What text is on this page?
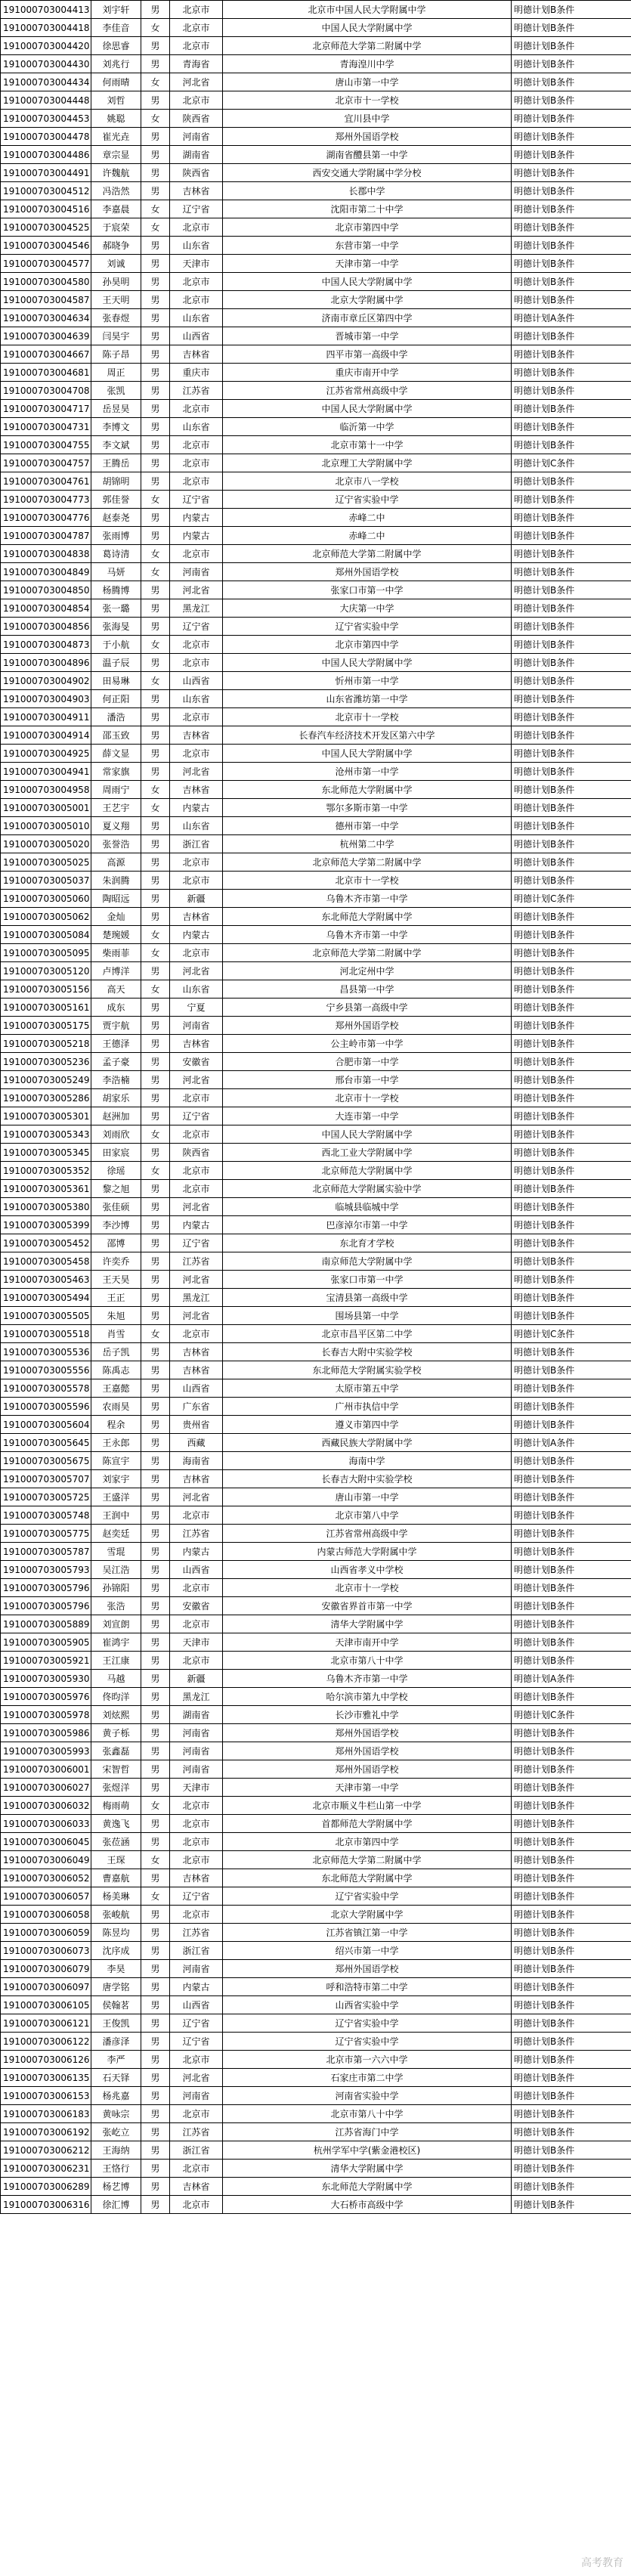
191000703004413	刘宇轩	男	北京市	北京市中国人民大学附属中学	明德计划B条件
191000703004418	李佳音	女	北京市	中国人民大学附属中学	明德计划B条件
191000703004420	徐思睿	男	北京市	北京师范大学第二附属中学	明德计划B条件
191000703004430	刘兆行	男	青海省	青海湟川中学	明德计划B条件
191000703004434	何雨晴	女	河北省	唐山市第一中学	明德计划B条件
191000703004448	刘哲	男	北京市	北京市十一学校	明德计划B条件
191000703004453	姚聪	女	陕西省	宜川县中学	明德计划B条件
191000703004478	崔光垚	男	河南省	郑州外国语学校	明德计划B条件
191000703004486	章宗显	男	湖南省	湖南省醴县第一中学	明德计划B条件
191000703004491	许魏航	男	陕西省	西安交通大学附属中学分校	明德计划B条件
191000703004512	冯浩然	男	吉林省	长郡中学	明德计划B条件
191000703004516	李嘉晨	女	辽宁省	沈阳市第二十中学	明德计划B条件
191000703004525	于宸荣	女	北京市	北京市第四中学	明德计划B条件
191000703004546	郝晓争	男	山东省	东营市第一中学	明德计划B条件
191000703004577	刘诚	男	天津市	天津市第一中学	明德计划B条件
191000703004580	孙昊明	男	北京市	中国人民大学附属中学	明德计划B条件
191000703004587	王天明	男	北京市	北京大学附属中学	明德计划B条件
191000703004634	张春煜	男	山东省	济南市章丘区第四中学	明德计划A条件
191000703004639	闫昊宇	男	山西省	晋城市第一中学	明德计划B条件
191000703004667	陈子昂	男	吉林省	四平市第一高级中学	明德计划B条件
191000703004681	周正	男	重庆市	重庆市南开中学	明德计划B条件
191000703004708	张凯	男	江苏省	江苏省常州高级中学	明德计划B条件
191000703004717	岳昱昊	男	北京市	中国人民大学附属中学	明德计划B条件
191000703004731	李博文	男	山东省	临沂第一中学	明德计划B条件
191000703004755	李文斌	男	北京市	北京市第十一中学	明德计划B条件
191000703004757	王腾岳	男	北京市	北京理工大学附属中学	明德计划C条件
191000703004761	胡锦明	男	北京市	北京市八一学校	明德计划B条件
191000703004773	郭佳誉	女	辽宁省	辽宁省实验中学	明德计划B条件
191000703004776	赵泰尧	男	内蒙古	赤峰二中	明德计划B条件
191000703004787	张雨博	男	内蒙古	赤峰二中	明德计划B条件
191000703004838	葛诗清	女	北京市	北京师范大学第二附属中学	明德计划B条件
191000703004849	马妍	女	河南省	郑州外国语学校	明德计划B条件
191000703004850	杨腾博	男	河北省	张家口市第一中学	明德计划B条件
191000703004854	张一璐	男	黑龙江	大庆第一中学	明德计划B条件
191000703004856	张海旻	男	辽宁省	辽宁省实验中学	明德计划B条件
191000703004873	于小航	女	北京市	北京市第四中学	明德计划B条件
191000703004896	温子辰	男	北京市	中国人民大学附属中学	明德计划B条件
191000703004902	田易琳	女	山西省	忻州市第一中学	明德计划B条件
191000703004903	何正阳	男	山东省	山东省潍坊第一中学	明德计划B条件
191000703004911	潘浩	男	北京市	北京市十一学校	明德计划B条件
191000703004914	邵玉致	男	吉林省	长春汽车经济技术开发区第六中学	明德计划B条件
191000703004925	薛文显	男	北京市	中国人民大学附属中学	明德计划B条件
191000703004941	常家旗	男	河北省	沧州市第一中学	明德计划B条件
191000703004958	周雨宁	女	吉林省	东北师范大学附属中学	明德计划B条件
191000703005001	王艺宇	女	内蒙古	鄂尔多斯市第一中学	明德计划B条件
191000703005010	夏义翔	男	山东省	德州市第一中学	明德计划B条件
191000703005020	张誉浩	男	浙江省	杭州第二中学	明德计划B条件
191000703005025	高源	男	北京市	北京师范大学第二附属中学	明德计划B条件
191000703005037	朱润腾	男	北京市	北京市十一学校	明德计划B条件
191000703005060	陶昭远	男	新疆	乌鲁木齐市第一中学	明德计划C条件
191000703005062	金灿	男	吉林省	东北师范大学附属中学	明德计划B条件
191000703005084	楚琬媛	女	内蒙古	乌鲁木齐市第一中学	明德计划B条件
191000703005095	柴雨菲	女	北京市	北京师范大学第二附属中学	明德计划B条件
191000703005120	卢博洋	男	河北省	河北定州中学	明德计划B条件
191000703005156	高天	女	山东省	昌县第一中学	明德计划B条件
191000703005161	成东	男	宁夏	宁乡县第一高级中学	明德计划B条件
191000703005175	贾宇航	男	河南省	郑州外国语学校	明德计划B条件
191000703005218	王德泽	男	吉林省	公主岭市第一中学	明德计划B条件
191000703005236	孟子豪	男	安徽省	合肥市第一中学	明德计划B条件
191000703005249	李浩楠	男	河北省	邢台市第一中学	明德计划B条件
191000703005286	胡家乐	男	北京市	北京市十一学校	明德计划B条件
191000703005301	赵洲加	男	辽宁省	大连市第一中学	明德计划B条件
191000703005343	刘雨欣	女	北京市	中国人民大学附属中学	明德计划B条件
191000703005345	田家宸	男	陕西省	西北工业大学附属中学	明德计划B条件
191000703005352	徐瑶	女	北京市	北京师范大学附属中学	明德计划B条件
191000703005361	黎之旭	男	北京市	北京师范大学附属实验中学	明德计划B条件
191000703005380	张佳硕	男	河北省	临城县临城中学	明德计划B条件
191000703005399	李沙博	男	内蒙古	巴彦淖尔市第一中学	明德计划B条件
191000703005452	邵博	男	辽宁省	东北育才学校	明德计划B条件
191000703005458	许奕乔	男	江苏省	南京师范大学附属中学	明德计划B条件
191000703005463	王天昊	男	河北省	张家口市第一中学	明德计划B条件
191000703005494	王正	男	黑龙江	宝清县第一高级中学	明德计划B条件
191000703005505	朱旭	男	河北省	围场县第一中学	明德计划B条件
191000703005518	肖雪	女	北京市	北京市昌平区第二中学	明德计划C条件
191000703005536	岳子凯	男	吉林省	长春吉大附中实验学校	明德计划B条件
191000703005556	陈禹志	男	吉林省	东北师范大学附属实验学校	明德计划B条件
191000703005578	王嘉懿	男	山西省	太原市第五中学	明德计划B条件
191000703005596	农雨昊	男	广东省	广州市执信中学	明德计划B条件
191000703005604	程余	男	贵州省	遵义市第四中学	明德计划B条件
191000703005645	王永郎	男	西藏	西藏民族大学附属中学	明德计划A条件
191000703005675	陈宣宇	男	海南省	海南中学	明德计划B条件
191000703005707	刘家宇	男	吉林省	长春吉大附中实验学校	明德计划B条件
191000703005725	王盛洋	男	河北省	唐山市第一中学	明德计划B条件
191000703005748	王润中	男	北京市	北京市第八中学	明德计划B条件
191000703005775	赵奕廷	男	江苏省	江苏省常州高级中学	明德计划B条件
191000703005787	雪琨	男	内蒙古	内蒙古师范大学附属中学	明德计划B条件
191000703005793	吴江浩	男	山西省	山西省孝义中学校	明德计划B条件
191000703005796	孙锦阳	男	北京市	北京市十一学校	明德计划B条件
191000703005796	张浩	男	安徽省	安徽省界首市第一中学	明德计划B条件
191000703005889	刘宣朗	男	北京市	清华大学附属中学	明德计划B条件
191000703005905	崔鸿宇	男	天津市	天津市南开中学	明德计划B条件
191000703005921	王江康	男	北京市	北京市第八十中学	明德计划B条件
191000703005930	马越	男	新疆	乌鲁木齐市第一中学	明德计划A条件
191000703005976	佟昀洋	男	黑龙江	哈尔滨市第九中学校	明德计划B条件
191000703005978	刘炫熙	男	湖南省	长沙市雅礼中学	明德计划C条件
191000703005986	黄子栎	男	河南省	郑州外国语学校	明德计划B条件
191000703005993	张鑫磊	男	河南省	郑州外国语学校	明德计划B条件
191000703006001	宋智哲	男	河南省	郑州外国语学校	明德计划B条件
191000703006027	张煜洋	男	天津市	天津市第一中学	明德计划B条件
191000703006032	梅雨萌	女	北京市	北京市顺义牛栏山第一中学	明德计划B条件
191000703006033	黄逸飞	男	北京市	首都师范大学附属中学	明德计划B条件
191000703006045	张莅涵	男	北京市	北京市第四中学	明德计划B条件
191000703006049	王琛	女	北京市	北京师范大学第二附属中学	明德计划B条件
191000703006052	曹嘉航	男	吉林省	东北师范大学附属中学	明德计划B条件
191000703006057	杨美琳	女	辽宁省	辽宁省实验中学	明德计划B条件
191000703006058	张峻航	男	北京市	北京大学附属中学	明德计划B条件
191000703006059	陈昱均	男	江苏省	江苏省镇江第一中学	明德计划B条件
191000703006073	沈序成	男	浙江省	绍兴市第一中学	明德计划B条件
191000703006079	李昊	男	河南省	郑州外国语学校	明德计划B条件
191000703006097	唐学铭	男	内蒙古	呼和浩特市第二中学	明德计划B条件
191000703006105	侯翰茗	男	山西省	山西省实验中学	明德计划B条件
191000703006121	王俊凯	男	辽宁省	辽宁省实验中学	明德计划B条件
191000703006122	潘彦泽	男	辽宁省	辽宁省实验中学	明德计划B条件
191000703006126	李严	男	北京市	北京市第一六六中学	明德计划B条件
191000703006135	石天铎	男	河北省	石家庄市第二中学	明德计划B条件
191000703006153	杨兆嘉	男	河南省	河南省实验中学	明德计划B条件
191000703006183	黄咏宗	男	北京市	北京市第八十中学	明德计划B条件
191000703006192	张屹立	男	江苏省	江苏省海门中学	明德计划B条件
191000703006212	王海纳	男	浙江省	杭州学军中学(紫金港校区)	明德计划B条件
191000703006231	王恪行	男	北京市	清华大学附属中学	明德计划B条件
191000703006289	杨艺博	男	吉林省	东北师范大学附属中学	明德计划B条件
191000703006316	徐汇博	男	北京市	大石桥市高级中学	明德计划B条件
高考教育
